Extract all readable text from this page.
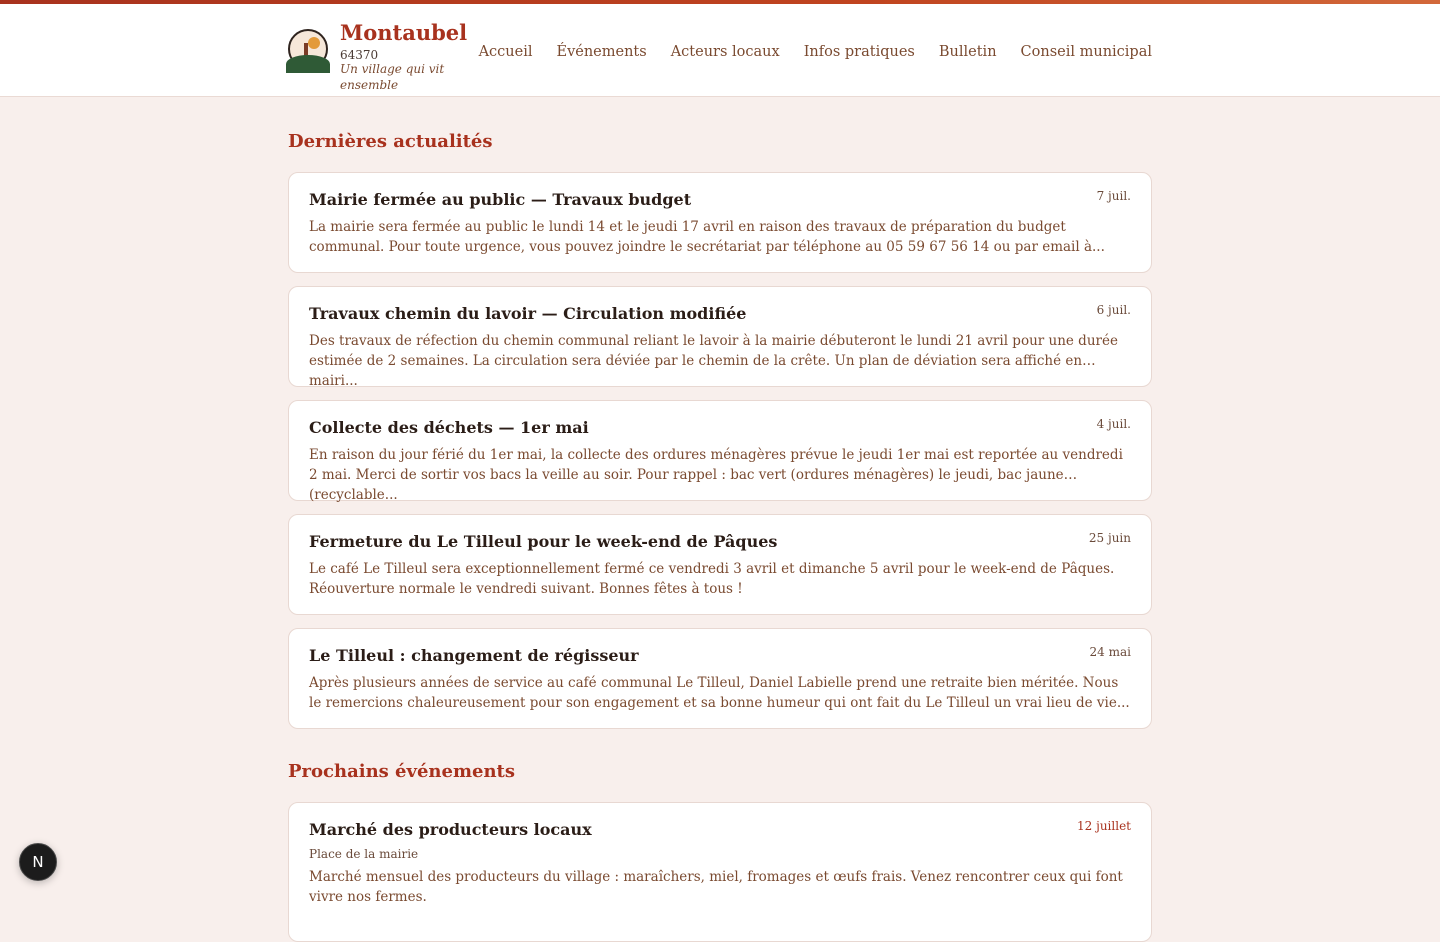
Montaubel
64370
Un village qui vit ensemble
Accueil Événements Acteurs locaux Infos pratiques Bulletin Conseil municipal
Dernières actualités
Mairie fermée au public — Travaux budget	7 juil.
La mairie sera fermée au public le lundi 14 et le jeudi 17 avril en raison des travaux de préparation du budget communal. Pour toute urgence, vous pouvez joindre le secrétariat par téléphone au 05 59 67 56 14 ou par email à...
Travaux chemin du lavoir — Circulation modifiée	6 juil.
Des travaux de réfection du chemin communal reliant le lavoir à la mairie débuteront le lundi 21 avril pour une durée estimée de 2 semaines. La circulation sera déviée par le chemin de la crête. Un plan de déviation sera affiché en mairi...
Collecte des déchets — 1er mai	4 juil.
En raison du jour férié du 1er mai, la collecte des ordures ménagères prévue le jeudi 1er mai est reportée au vendredi 2 mai. Merci de sortir vos bacs la veille au soir. Pour rappel : bac vert (ordures ménagères) le jeudi, bac jaune (recyclable...
Fermeture du Le Tilleul pour le week-end de Pâques	25 juin
Le café Le Tilleul sera exceptionnellement fermé ce vendredi 3 avril et dimanche 5 avril pour le week-end de Pâques. Réouverture normale le vendredi suivant. Bonnes fêtes à tous !
Le Tilleul : changement de régisseur	24 mai
Après plusieurs années de service au café communal Le Tilleul, Daniel Labielle prend une retraite bien méritée. Nous le remercions chaleureusement pour son engagement et sa bonne humeur qui ont fait du Le Tilleul un vrai lieu de vie...
Prochains événements
Marché des producteurs locaux	12 juillet
Place de la mairie
Marché mensuel des producteurs du village : maraîchers, miel, fromages et œufs frais. Venez rencontrer ceux qui font vivre nos fermes.
N
